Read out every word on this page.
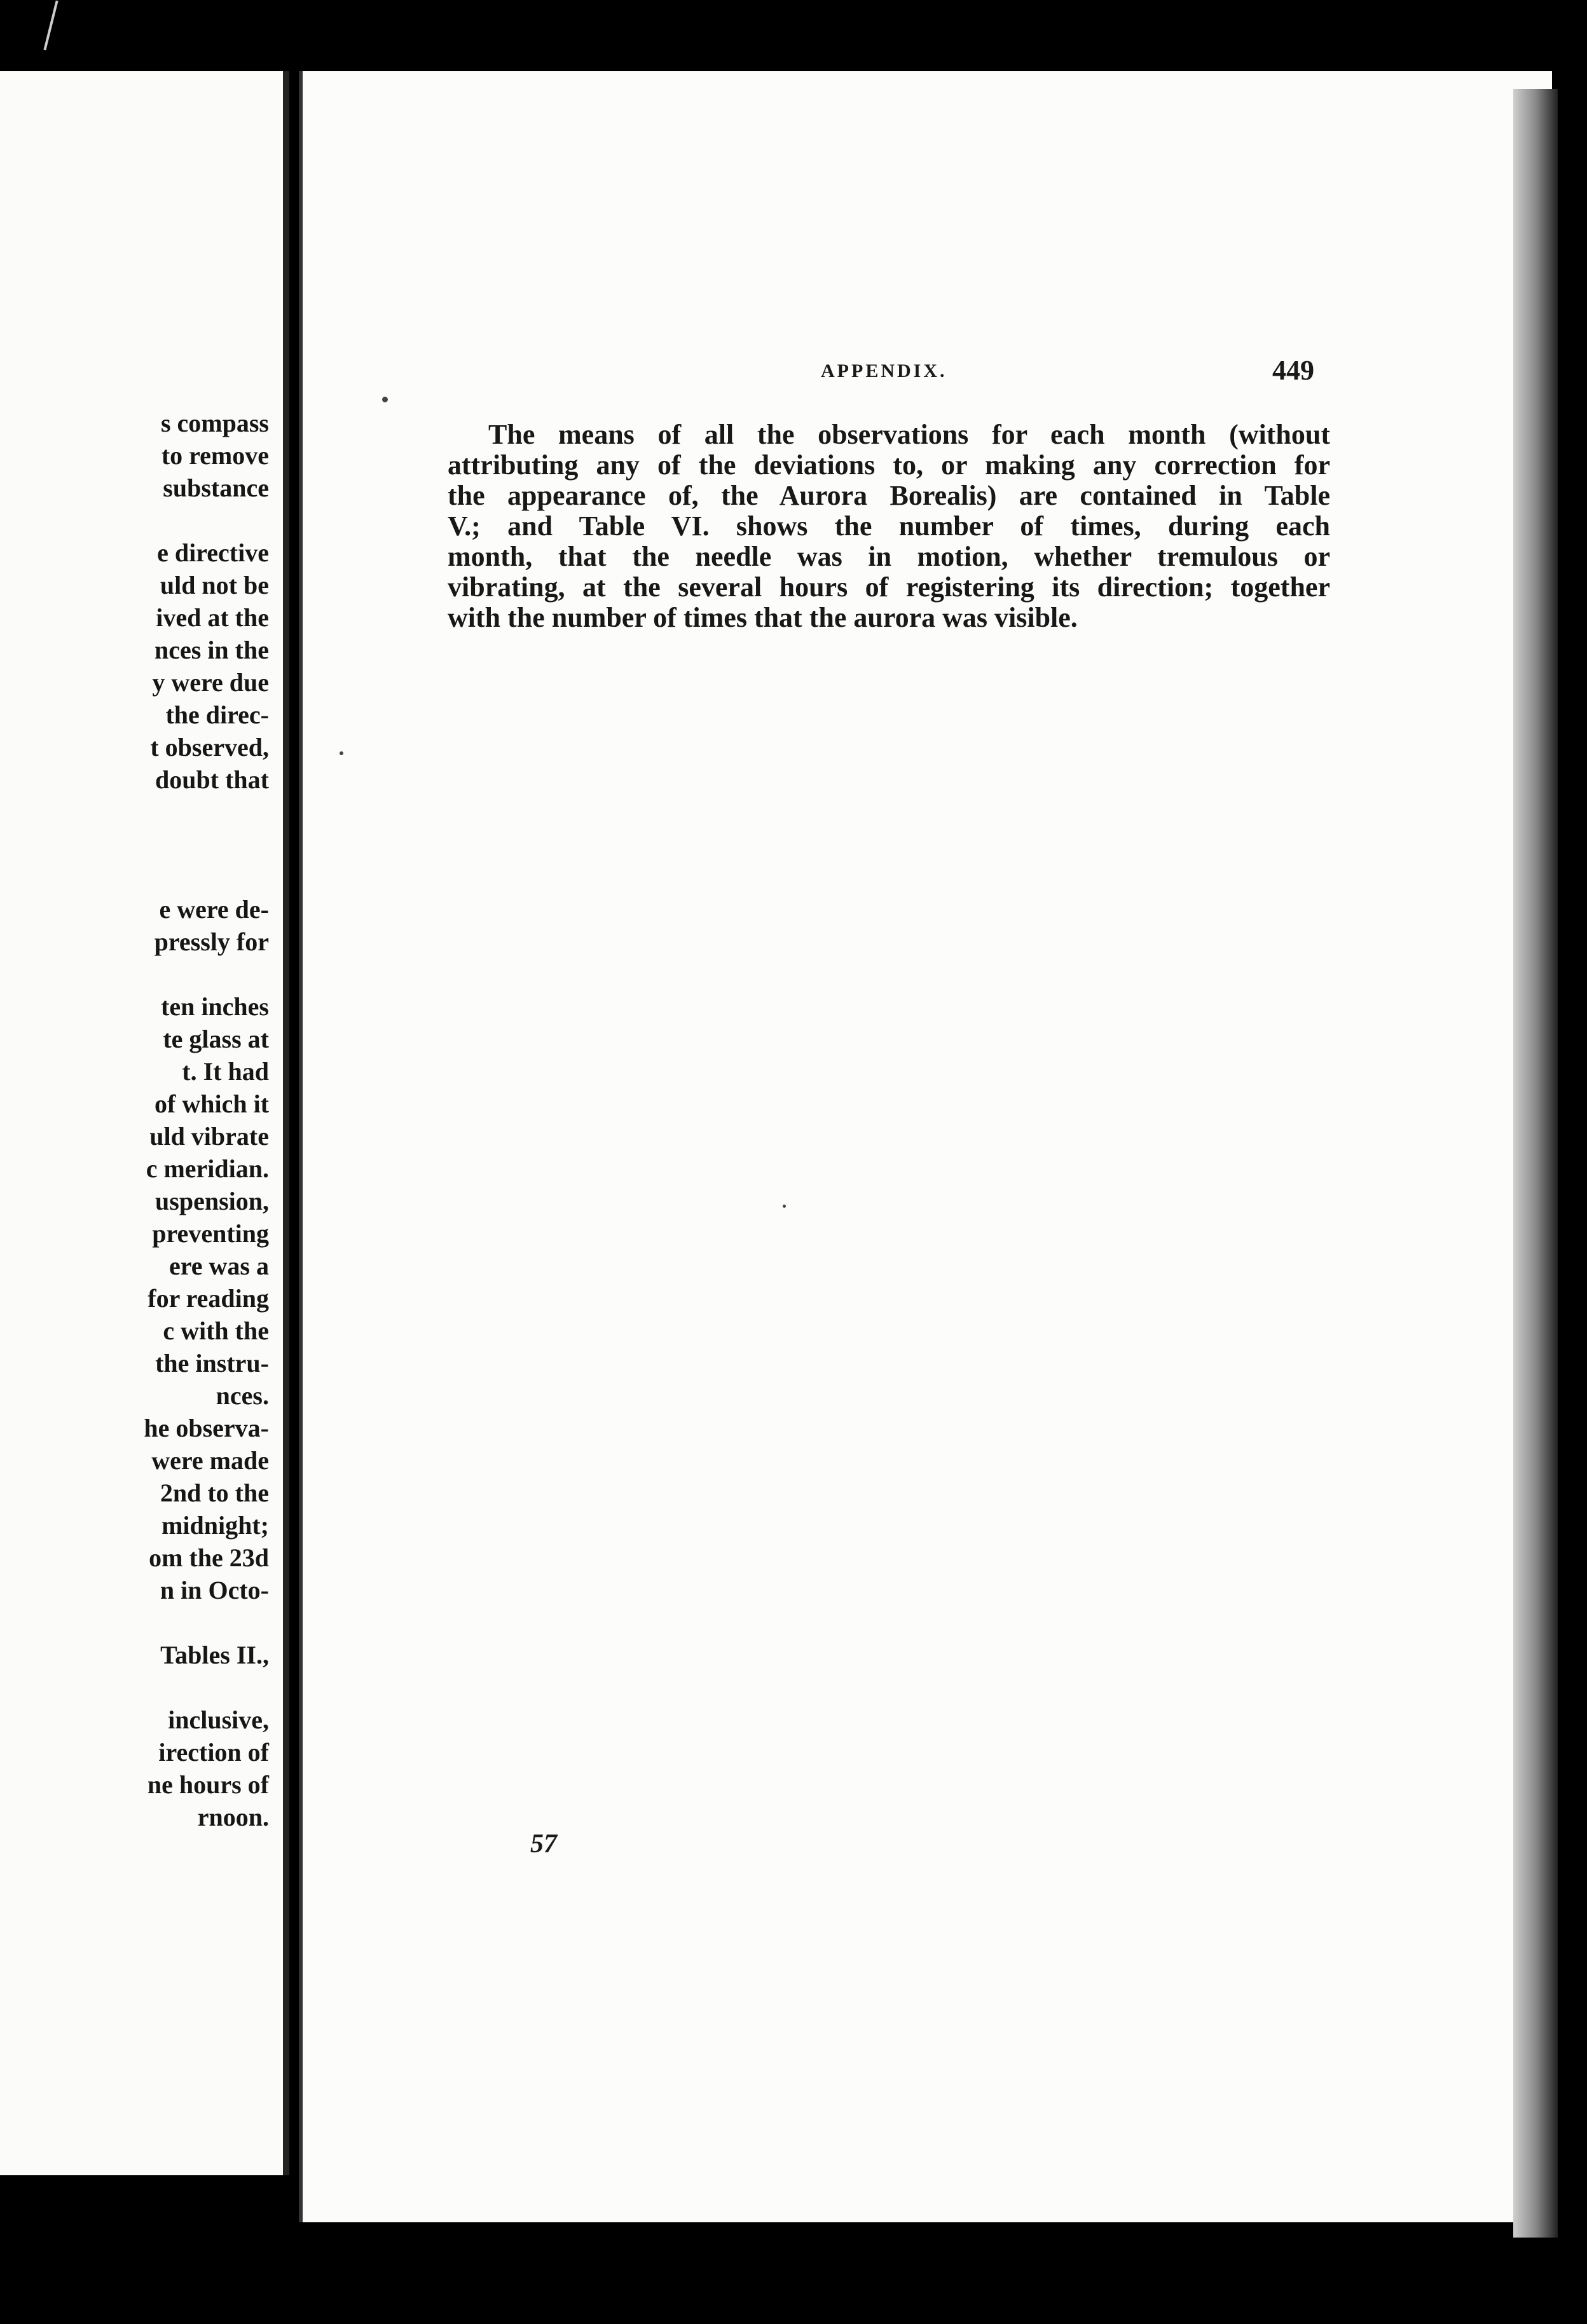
s compass
to remove
substance
e directive
uld not be
ived at the
nces in the
y were due
the direc-
t observed,
doubt that
e were de-
pressly for
ten inches
te glass at
t. It had
of which it
uld vibrate
c meridian.
uspension,
preventing
ere was a
for reading
c with the
the instru-
nces.
he observa-
were made
2nd to the
midnight;
om the 23d
n in Octo-
Tables II.,
inclusive,
irection of
ne hours of
rnoon.
APPENDIX.	449
The means of all the observations for each month (without
attributing any of the deviations to, or making any correction for
the appearance of, the Aurora Borealis) are contained in Table
V.; and Table VI. shows the number of times, during each
month, that the needle was in motion, whether tremulous or
vibrating, at the several hours of registering its direction; together
with the number of times that the aurora was visible.
57
